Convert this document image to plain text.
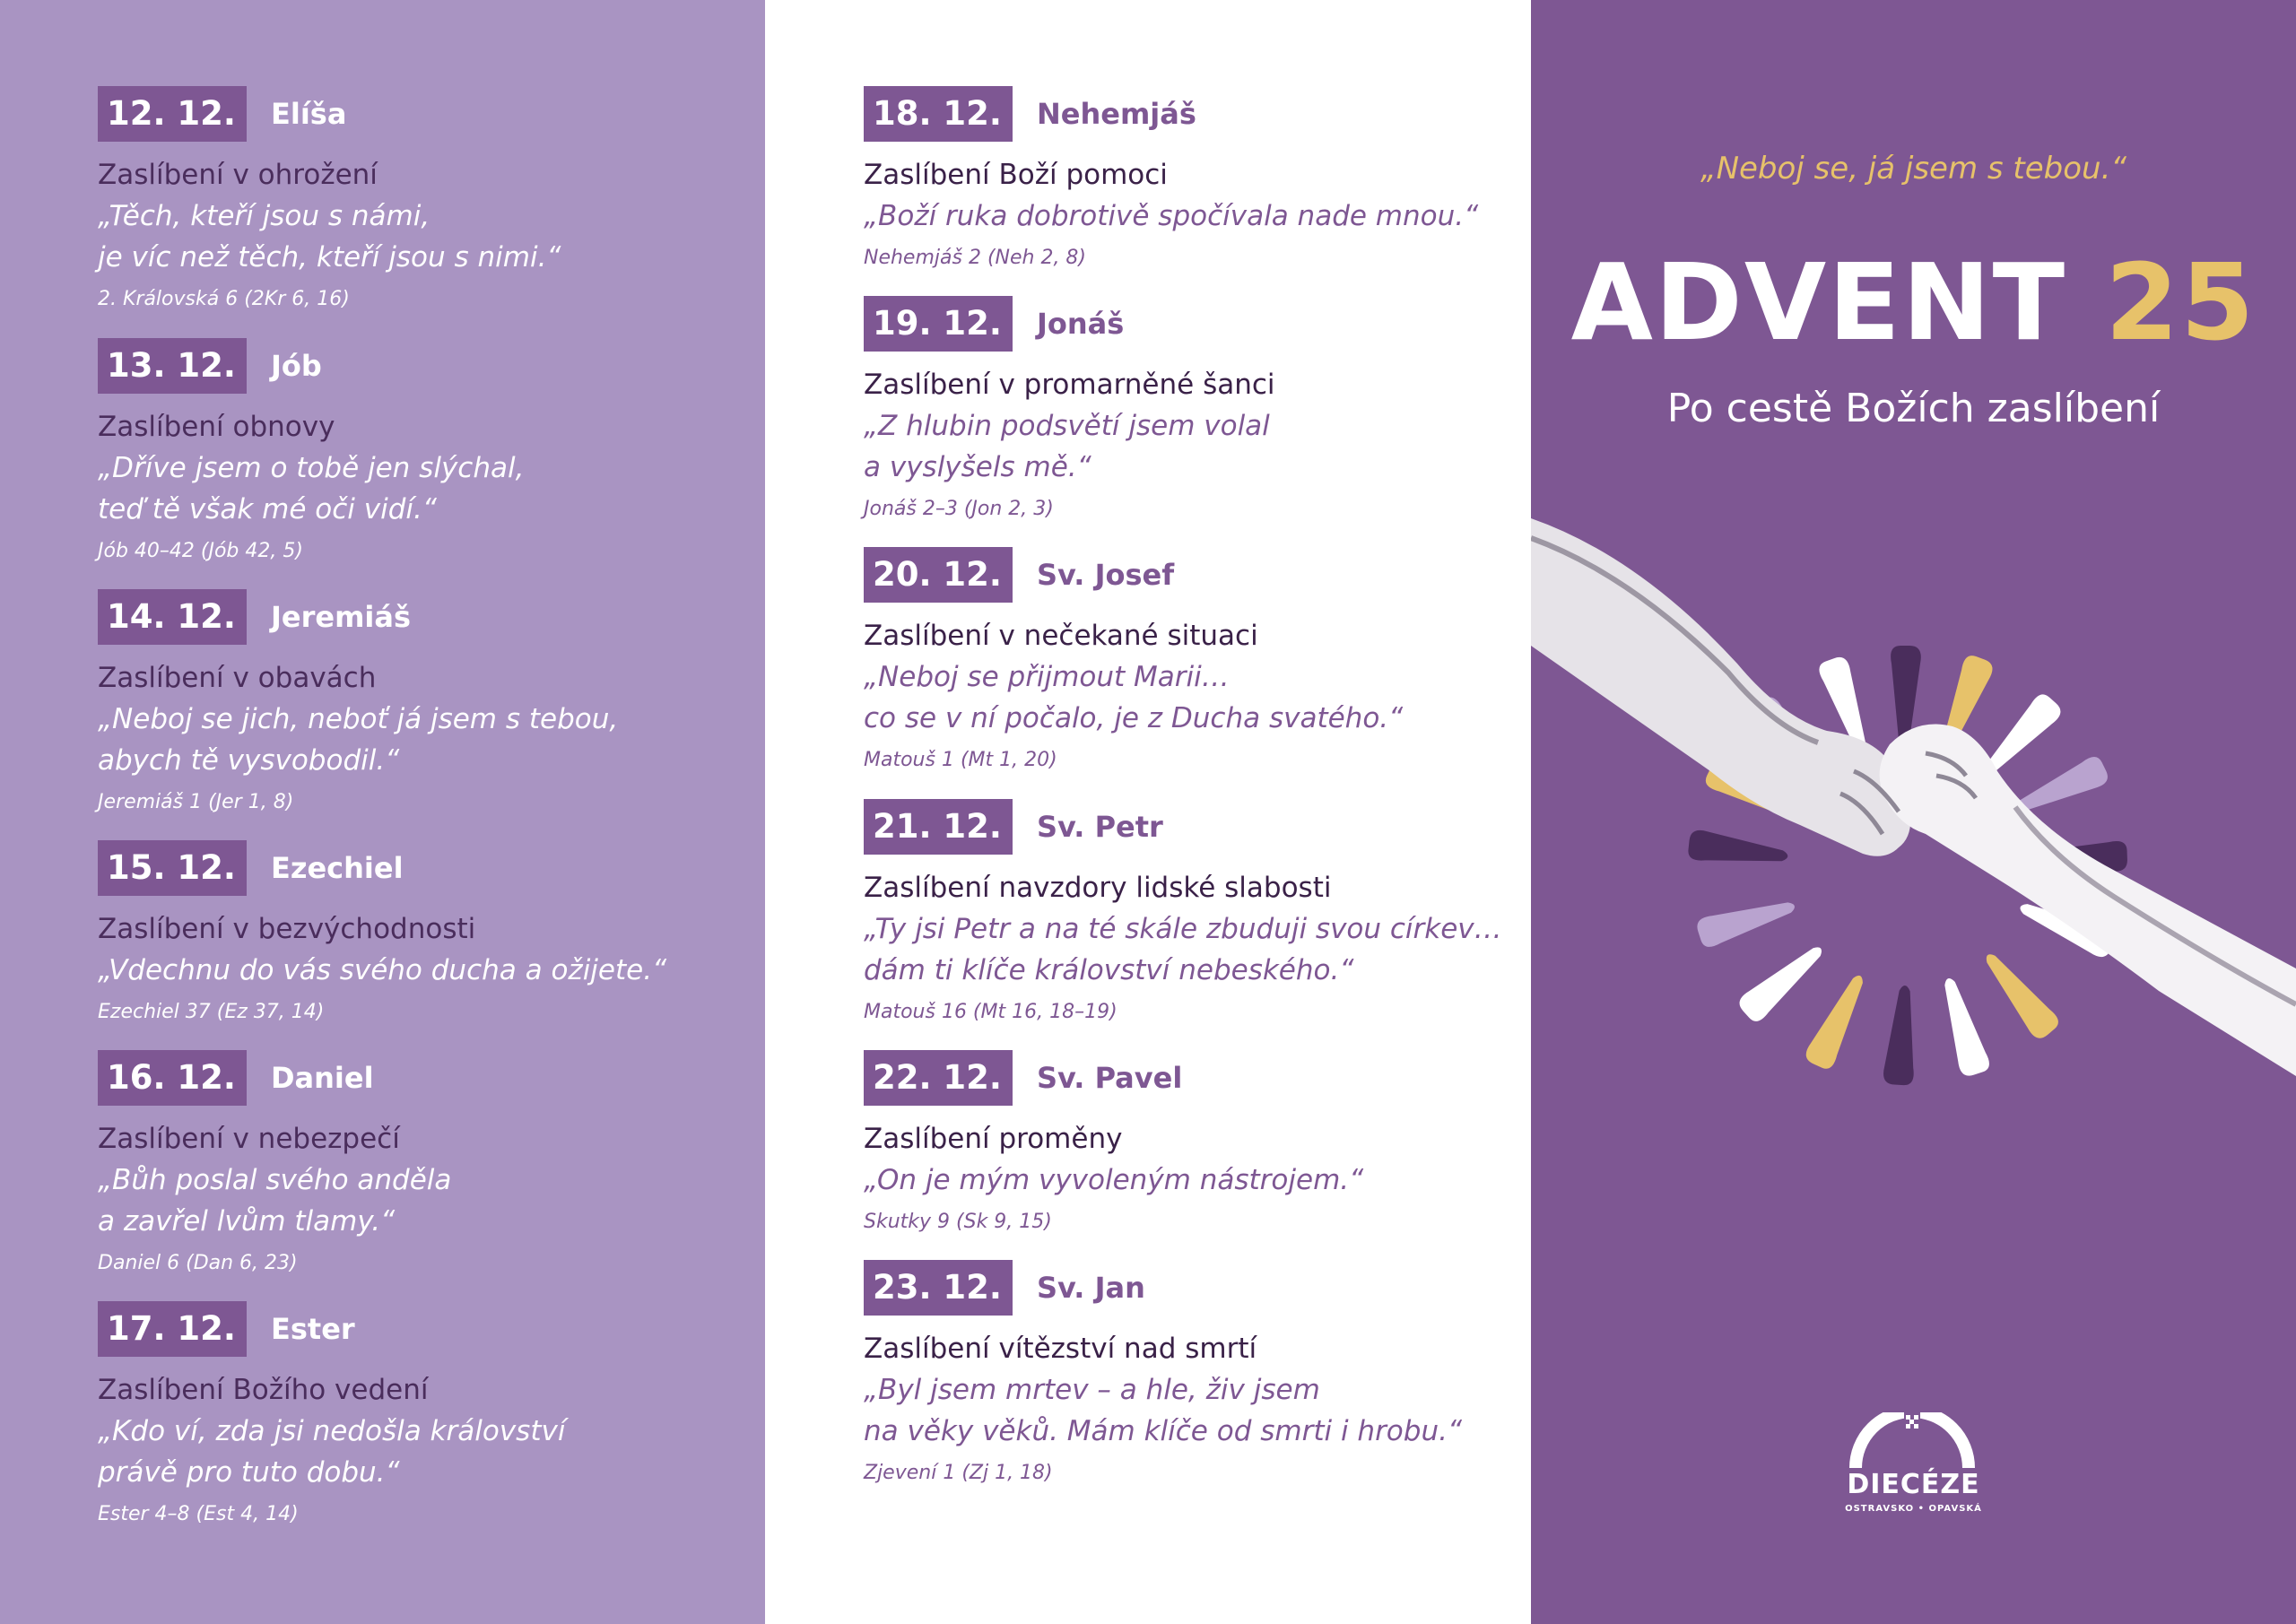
12. 12.	Elíša
Zaslíbení v ohrožení
„Těch, kteří jsou s námi,
je víc než těch, kteří jsou s nimi.“
2. Královská 6 (2Kr 6, 16)
13. 12.	Jób
Zaslíbení obnovy
„Dříve jsem o tobě jen slýchal,
teď tě však mé oči vidí.“
Jób 40–42 (Jób 42, 5)
14. 12.	Jeremiáš
Zaslíbení v obavách
„Neboj se jich, neboť já jsem s tebou,
abych tě vysvobodil.“
Jeremiáš 1 (Jer 1, 8)
15. 12.	Ezechiel
Zaslíbení v bezvýchodnosti
„Vdechnu do vás svého ducha a ožijete.“
Ezechiel 37 (Ez 37, 14)
16. 12.	Daniel
Zaslíbení v nebezpečí
„Bůh poslal svého anděla
a zavřel lvům tlamy.“
Daniel 6 (Dan 6, 23)
17. 12.	Ester
Zaslíbení Božího vedení
„Kdo ví, zda jsi nedošla království
právě pro tuto dobu.“
Ester 4–8 (Est 4, 14)
18. 12.	Nehemjáš
Zaslíbení Boží pomoci
„Boží ruka dobrotivě spočívala nade mnou.“
Nehemjáš 2 (Neh 2, 8)
19. 12.	Jonáš
Zaslíbení v promarněné šanci
„Z hlubin podsvětí jsem volal
a vyslyšels mě.“
Jonáš 2–3 (Jon 2, 3)
20. 12.	Sv. Josef
Zaslíbení v nečekané situaci
„Neboj se přijmout Marii…
co se v ní počalo, je z Ducha svatého.“
Matouš 1 (Mt 1, 20)
21. 12.	Sv. Petr
Zaslíbení navzdory lidské slabosti
„Ty jsi Petr a na té skále zbuduji svou církev…
dám ti klíče království nebeského.“
Matouš 16 (Mt 16, 18–19)
22. 12.	Sv. Pavel
Zaslíbení proměny
„On je mým vyvoleným nástrojem.“
Skutky 9 (Sk 9, 15)
23. 12.	Sv. Jan
Zaslíbení vítězství nad smrtí
„Byl jsem mrtev – a hle, živ jsem
na věky věků. Mám klíče od smrti i hrobu.“
Zjevení 1 (Zj 1, 18)
„Neboj se, já jsem s tebou.“
ADVENT 25
Po cestě Božích zaslíbení
DIECÉZE
OSTRAVSKO • OPAVSKÁ
